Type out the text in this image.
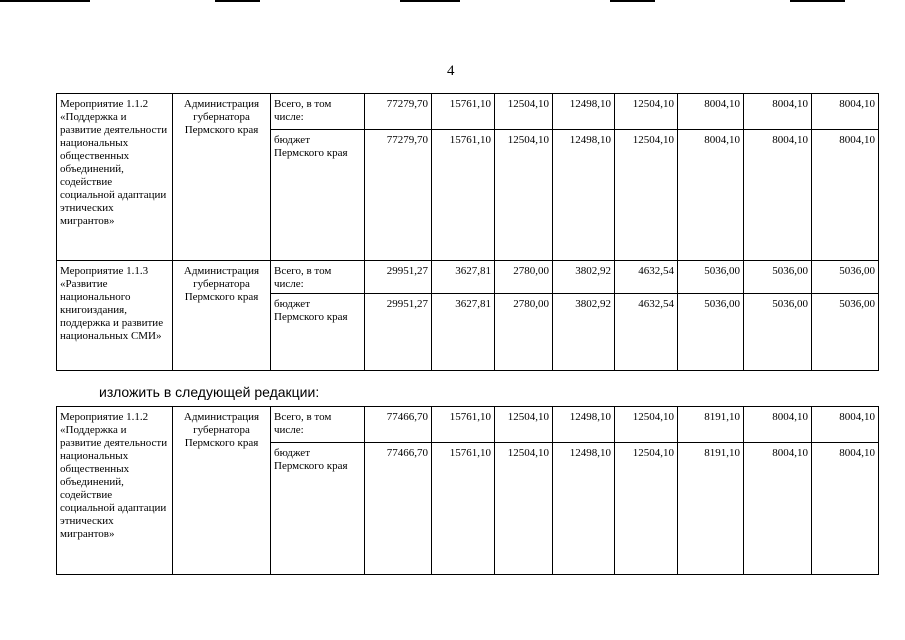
4
Мероприятие 1.1.2 «Поддержка и развитие деятельности национальных общественных объединений, содействие социальной адаптации этнических мигрантов»	Администрация губернатора Пермского края	Всего, в том числе:	77279,70	15761,10	12504,10	12498,10	12504,10	8004,10	8004,10	8004,10
		бюджет Пермского края	77279,70	15761,10	12504,10	12498,10	12504,10	8004,10	8004,10	8004,10
Мероприятие 1.1.3 «Развитие национального книгоиздания, поддержка и развитие национальных СМИ»	Администрация губернатора Пермского края	Всего, в том числе:	29951,27	3627,81	2780,00	3802,92	4632,54	5036,00	5036,00	5036,00
		бюджет Пермского края	29951,27	3627,81	2780,00	3802,92	4632,54	5036,00	5036,00	5036,00
изложить в следующей редакции:
Мероприятие 1.1.2 «Поддержка и развитие деятельности национальных общественных объединений, содействие социальной адаптации этнических мигрантов»	Администрация губернатора Пермского края	Всего, в том числе:	77466,70	15761,10	12504,10	12498,10	12504,10	8191,10	8004,10	8004,10
		бюджет Пермского края	77466,70	15761,10	12504,10	12498,10	12504,10	8191,10	8004,10	8004,10
